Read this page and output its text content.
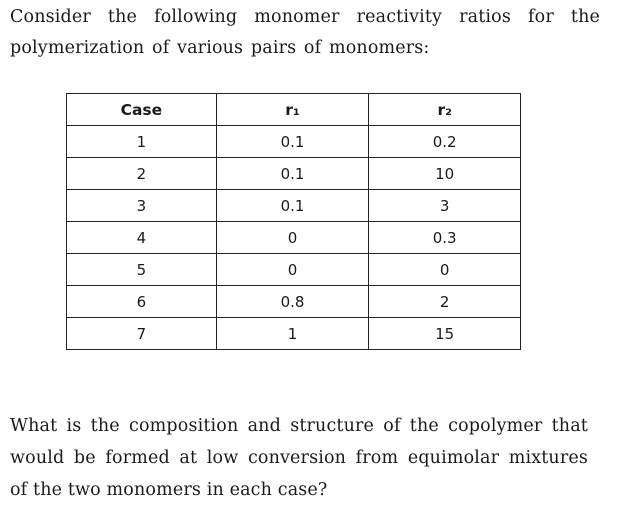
Consider the following monomer reactivity ratios for the
polymerization of various pairs of monomers:
Case	r₁	r₂
1	0.1	0.2
2	0.1	10
3	0.1	3
4	0	0.3
5	0	0
6	0.8	2
7	1	15
What is the composition and structure of the copolymer that
would be formed at low conversion from equimolar mixtures
of the two monomers in each case?
